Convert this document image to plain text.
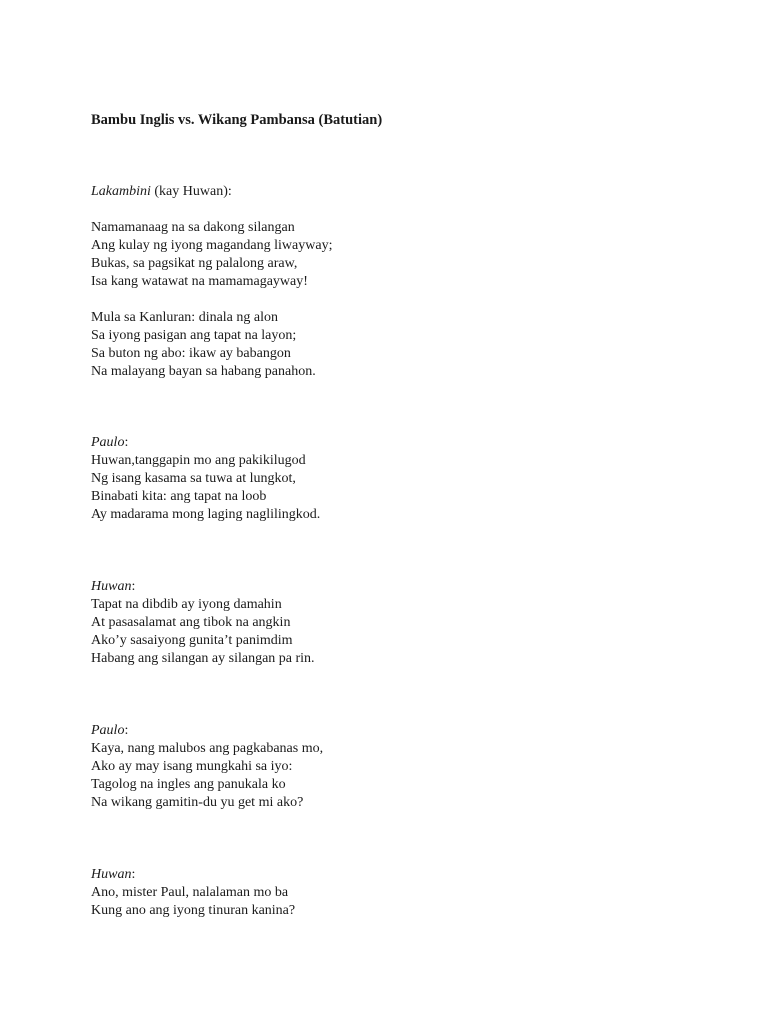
Bambu Inglis vs. Wikang Pambansa (Batutian)
Lakambini (kay Huwan):
Namamanaag na sa dakong silangan
Ang kulay ng iyong magandang liwayway;
Bukas, sa pagsikat ng palalong araw,
Isa kang watawat na mamamagayway!
Mula sa Kanluran: dinala ng alon
Sa iyong pasigan ang tapat na layon;
Sa buton ng abo: ikaw ay babangon
Na malayang bayan sa habang panahon.
Paulo:
Huwan,tanggapin mo ang pakikilugod
Ng isang kasama sa tuwa at lungkot,
Binabati kita: ang tapat na loob
Ay madarama mong laging naglilingkod.
Huwan:
Tapat na dibdib ay iyong damahin
At pasasalamat ang tibok na angkin
Ako’y sasaiyong gunita’t panimdim
Habang ang silangan ay silangan pa rin.
Paulo:
Kaya, nang malubos ang pagkabanas mo,
Ako ay may isang mungkahi sa iyo:
Tagolog na ingles ang panukala ko
Na wikang gamitin-du yu get mi ako?
Huwan:
Ano, mister Paul, nalalaman mo ba
Kung ano ang iyong tinuran kanina?
